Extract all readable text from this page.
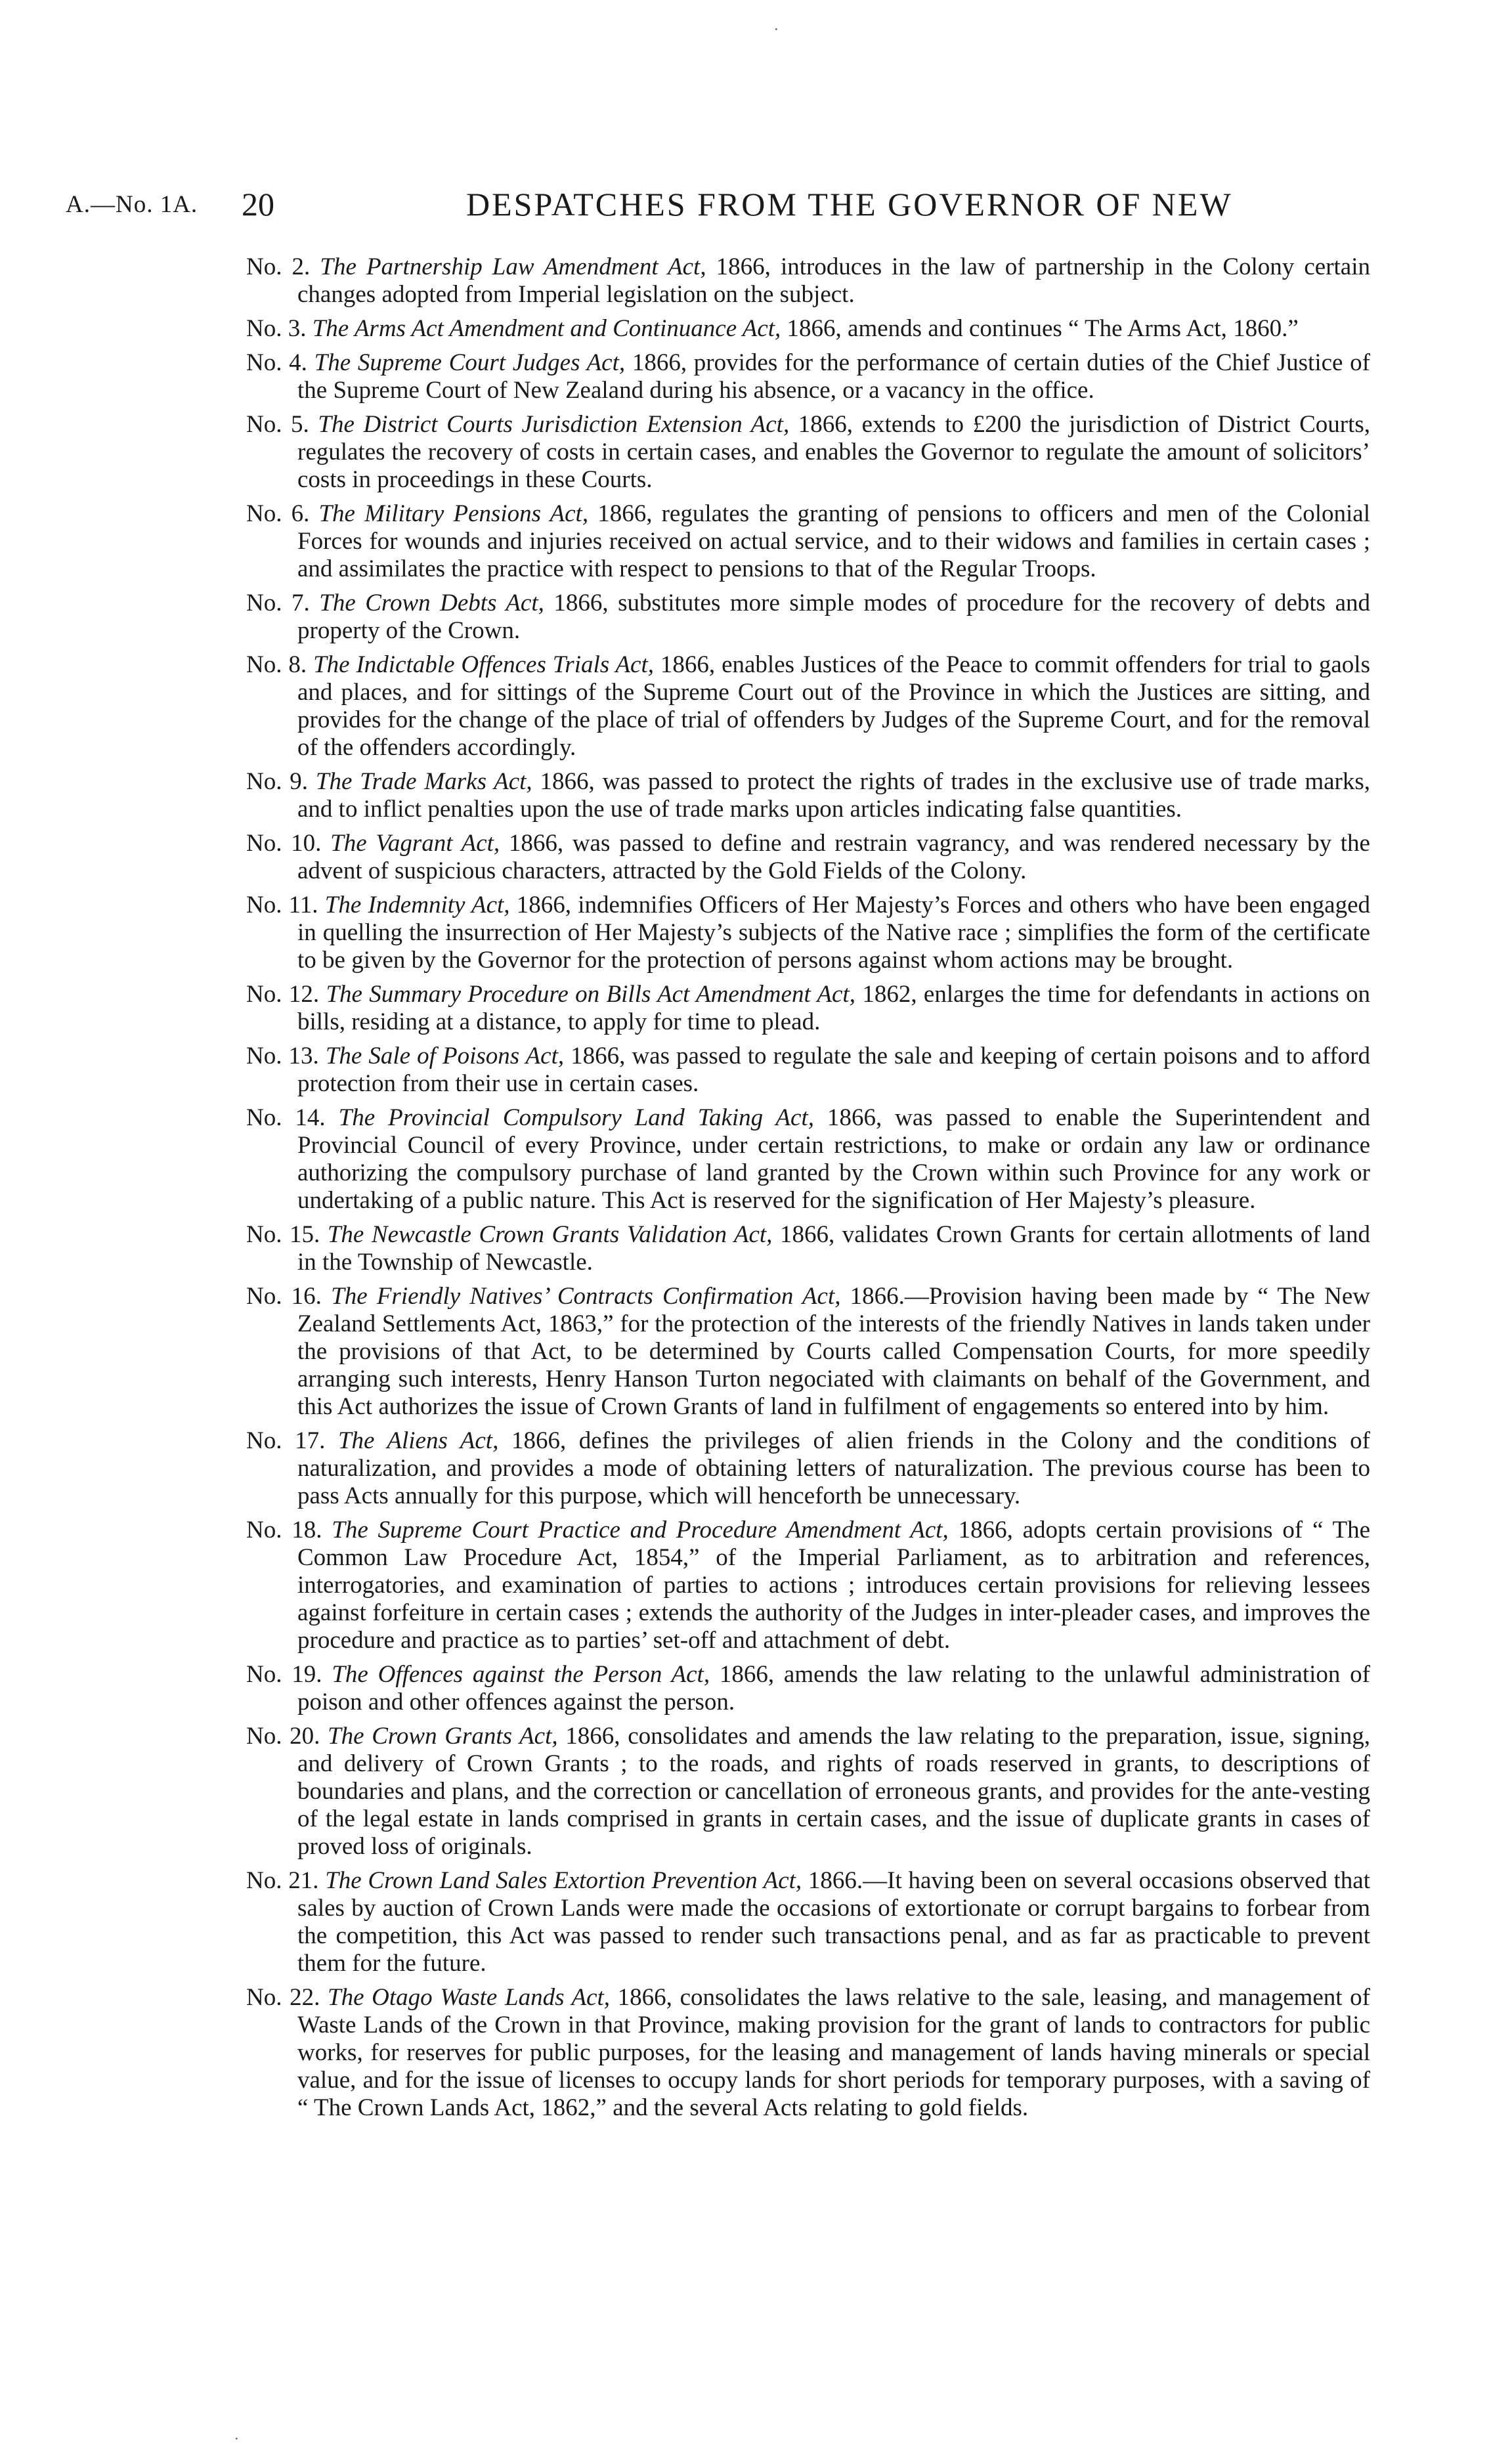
A.—No. 1A. 20	DESPATCHES FROM THE GOVERNOR OF NEW
·
·

No. 2. The Partnership Law Amendment Act, 1866, introduces in the law of partnership in the Colony certain changes adopted from Imperial legislation on the subject.

No. 3. The Arms Act Amendment and Continuance Act, 1866, amends and continues “ The Arms Act, 1860.”

No. 4. The Supreme Court Judges Act, 1866, provides for the performance of certain duties of the Chief Justice of the Supreme Court of New Zealand during his absence, or a vacancy in the office.

No. 5. The District Courts Jurisdiction Extension Act, 1866, extends to £200 the jurisdiction of District Courts, regulates the recovery of costs in certain cases, and enables the Governor to regulate the amount of solicitors’ costs in proceedings in these Courts.

No. 6. The Military Pensions Act, 1866, regulates the granting of pensions to officers and men of the Colonial Forces for wounds and injuries received on actual service, and to their widows and families in certain cases ; and assimilates the practice with respect to pensions to that of the Regular Troops.

No. 7. The Crown Debts Act, 1866, substitutes more simple modes of procedure for the recovery of debts and property of the Crown.

No. 8. The Indictable Offences Trials Act, 1866, enables Justices of the Peace to commit offenders for trial to gaols and places, and for sittings of the Supreme Court out of the Province in which the Justices are sitting, and provides for the change of the place of trial of offenders by Judges of the Supreme Court, and for the removal of the offenders accordingly.

No. 9. The Trade Marks Act, 1866, was passed to protect the rights of trades in the exclusive use of trade marks, and to inflict penalties upon the use of trade marks upon articles indicating false quantities.

No. 10. The Vagrant Act, 1866, was passed to define and restrain vagrancy, and was rendered necessary by the advent of suspicious characters, attracted by the Gold Fields of the Colony.

No. 11. The Indemnity Act, 1866, indemnifies Officers of Her Majesty’s Forces and others who have been engaged in quelling the insurrection of Her Majesty’s subjects of the Native race ; simplifies the form of the certificate to be given by the Governor for the protection of persons against whom actions may be brought.

No. 12. The Summary Procedure on Bills Act Amendment Act, 1862, enlarges the time for defendants in actions on bills, residing at a distance, to apply for time to plead.

No. 13. The Sale of Poisons Act, 1866, was passed to regulate the sale and keeping of certain poisons and to afford protection from their use in certain cases.

No. 14. The Provincial Compulsory Land Taking Act, 1866, was passed to enable the Superintendent and Provincial Council of every Province, under certain restrictions, to make or ordain any law or ordinance authorizing the compulsory purchase of land granted by the Crown within such Province for any work or undertaking of a public nature. This Act is reserved for the signification of Her Majesty’s pleasure.

No. 15. The Newcastle Crown Grants Validation Act, 1866, validates Crown Grants for certain allotments of land in the Township of Newcastle.

No. 16. The Friendly Natives’ Contracts Confirmation Act, 1866.—Provision having been made by “ The New Zealand Settlements Act, 1863,” for the protection of the interests of the friendly Natives in lands taken under the provisions of that Act, to be determined by Courts called Compensation Courts, for more speedily arranging such interests, Henry Hanson Turton negociated with claimants on behalf of the Government, and this Act authorizes the issue of Crown Grants of land in fulfilment of engagements so entered into by him.

No. 17. The Aliens Act, 1866, defines the privileges of alien friends in the Colony and the conditions of naturalization, and provides a mode of obtaining letters of naturalization. The previous course has been to pass Acts annually for this purpose, which will henceforth be unnecessary.

No. 18. The Supreme Court Practice and Procedure Amendment Act, 1866, adopts certain provisions of “ The Common Law Procedure Act, 1854,” of the Imperial Parliament, as to arbitration and references, interrogatories, and examination of parties to actions ; introduces certain provisions for relieving lessees against forfeiture in certain cases ; extends the authority of the Judges in inter-pleader cases, and improves the procedure and practice as to parties’ set-off and attachment of debt.

No. 19. The Offences against the Person Act, 1866, amends the law relating to the unlawful administration of poison and other offences against the person.

No. 20. The Crown Grants Act, 1866, consolidates and amends the law relating to the preparation, issue, signing, and delivery of Crown Grants ; to the roads, and rights of roads reserved in grants, to descriptions of boundaries and plans, and the correction or cancellation of erroneous grants, and provides for the ante-vesting of the legal estate in lands comprised in grants in certain cases, and the issue of duplicate grants in cases of proved loss of originals.

No. 21. The Crown Land Sales Extortion Prevention Act, 1866.—It having been on several occasions observed that sales by auction of Crown Lands were made the occasions of extortionate or corrupt bargains to forbear from the competition, this Act was passed to render such transactions penal, and as far as practicable to prevent them for the future.

No. 22. The Otago Waste Lands Act, 1866, consolidates the laws relative to the sale, leasing, and management of Waste Lands of the Crown in that Province, making provision for the grant of lands to contractors for public works, for reserves for public purposes, for the leasing and management of lands having minerals or special value, and for the issue of licenses to occupy lands for short periods for temporary purposes, with a saving of “ The Crown Lands Act, 1862,” and the several Acts relating to gold fields.
